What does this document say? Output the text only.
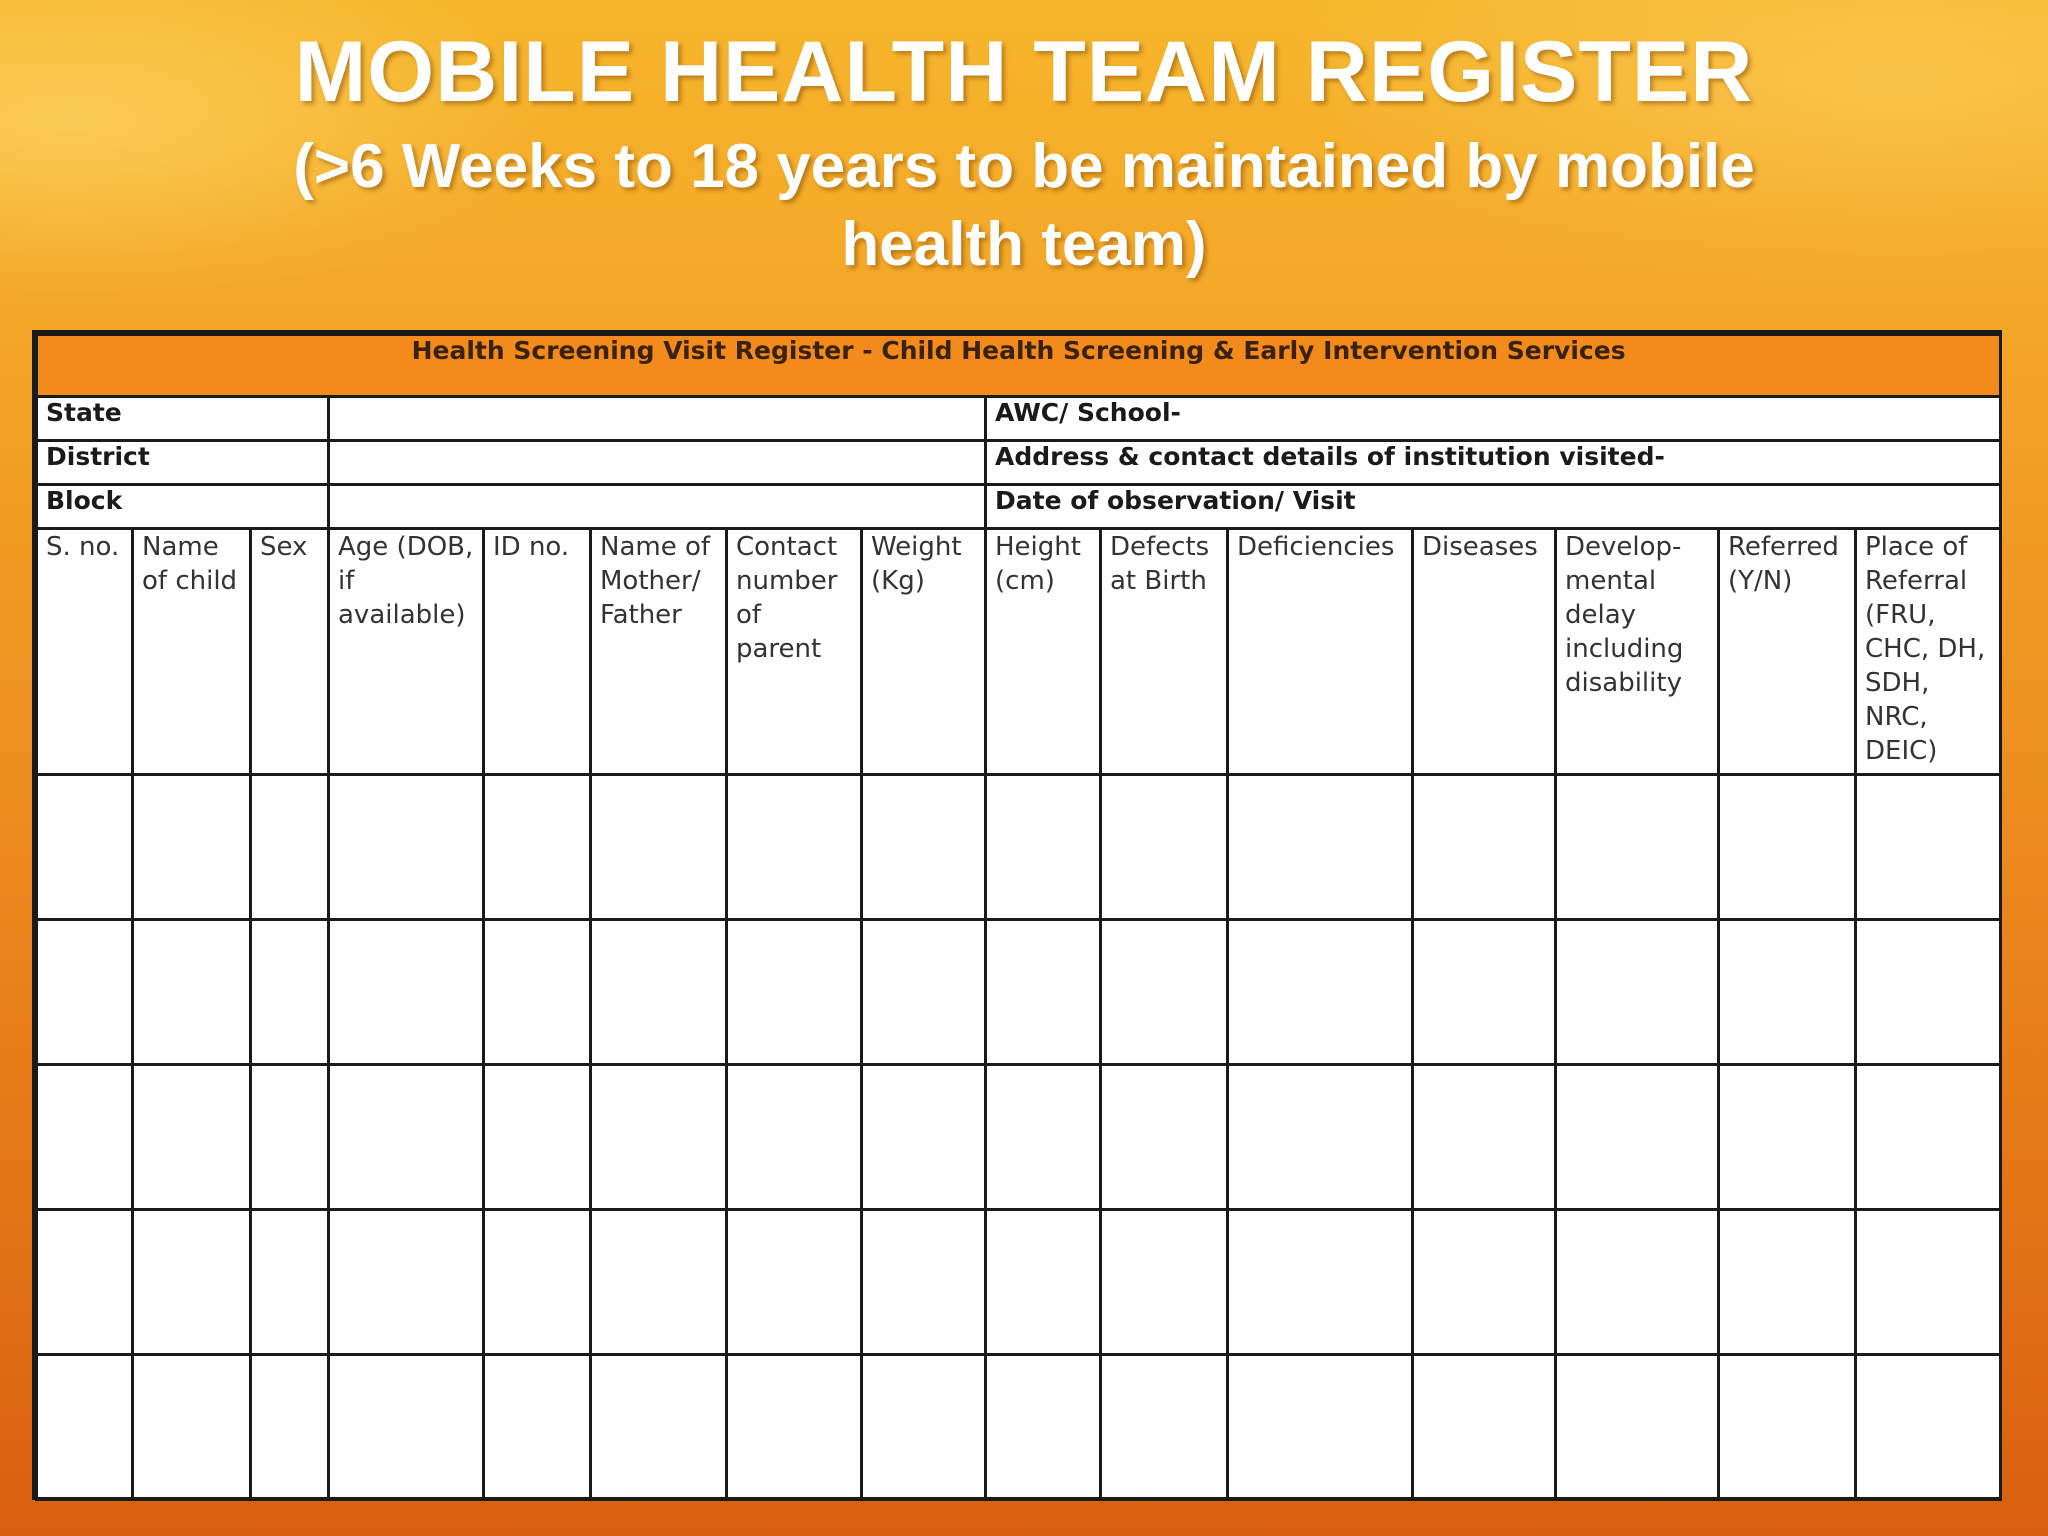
MOBILE HEALTH TEAM REGISTER
(>6 Weeks to 18 years to be maintained by mobile health team)
Health Screening Visit Register - Child Health Screening & Early Intervention Services														
State								AWC/ School-						
District								Address & contact details of institution visited-						
Block								Date of observation/ Visit						
S. no.	Name of child	Sex	Age (DOB, if available)	ID no.	Name of Mother/ Father	Contact number of parent	Weight (Kg)	Height (cm)	Defects at Birth	Deficiencies	Diseases	Develop-mental delay including disability	Referred (Y/N)	Place of Referral (FRU, CHC, DH, SDH, NRC, DEIC)
